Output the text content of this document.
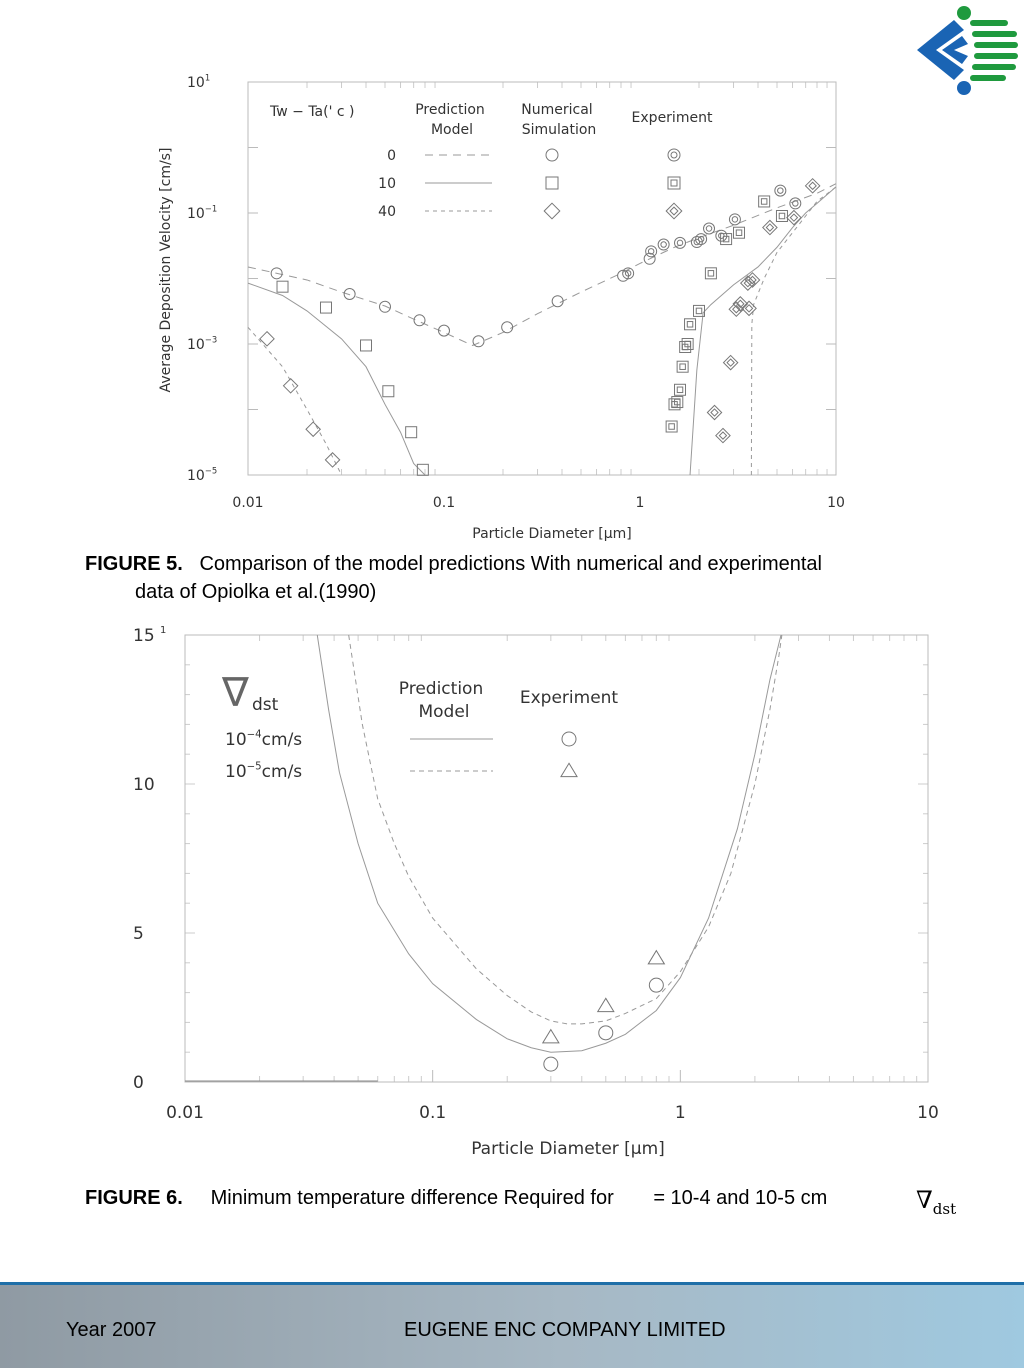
0.01	0.1	1	10
$10^1$
$10^{-1}$
$10^{-3}$
$10^{-5}$
Tw − Ta(' c )	Prediction
Model
Numerical
Simulation
Experiment
0
10
40
Particle Diameter [μm]
Average Deposition Velocity [cm/s]
FIGURE 5. Comparison of the model predictions With numerical and experimental
data of Opiolka et al.(1990)
0.01	0.1	1	10
15
10
5
0
1
∇ dst
Prediction
Model
Experiment
$10^{-4}cm/s$
$10^{-5}cm/s$
Particle Diameter [μm]
FIGURE 6. Minimum temperature difference Required for = 10-4 and 10-5 cm	$\nabla_{dst}$
Year 2007	EUGENE ENC COMPANY LIMITED
